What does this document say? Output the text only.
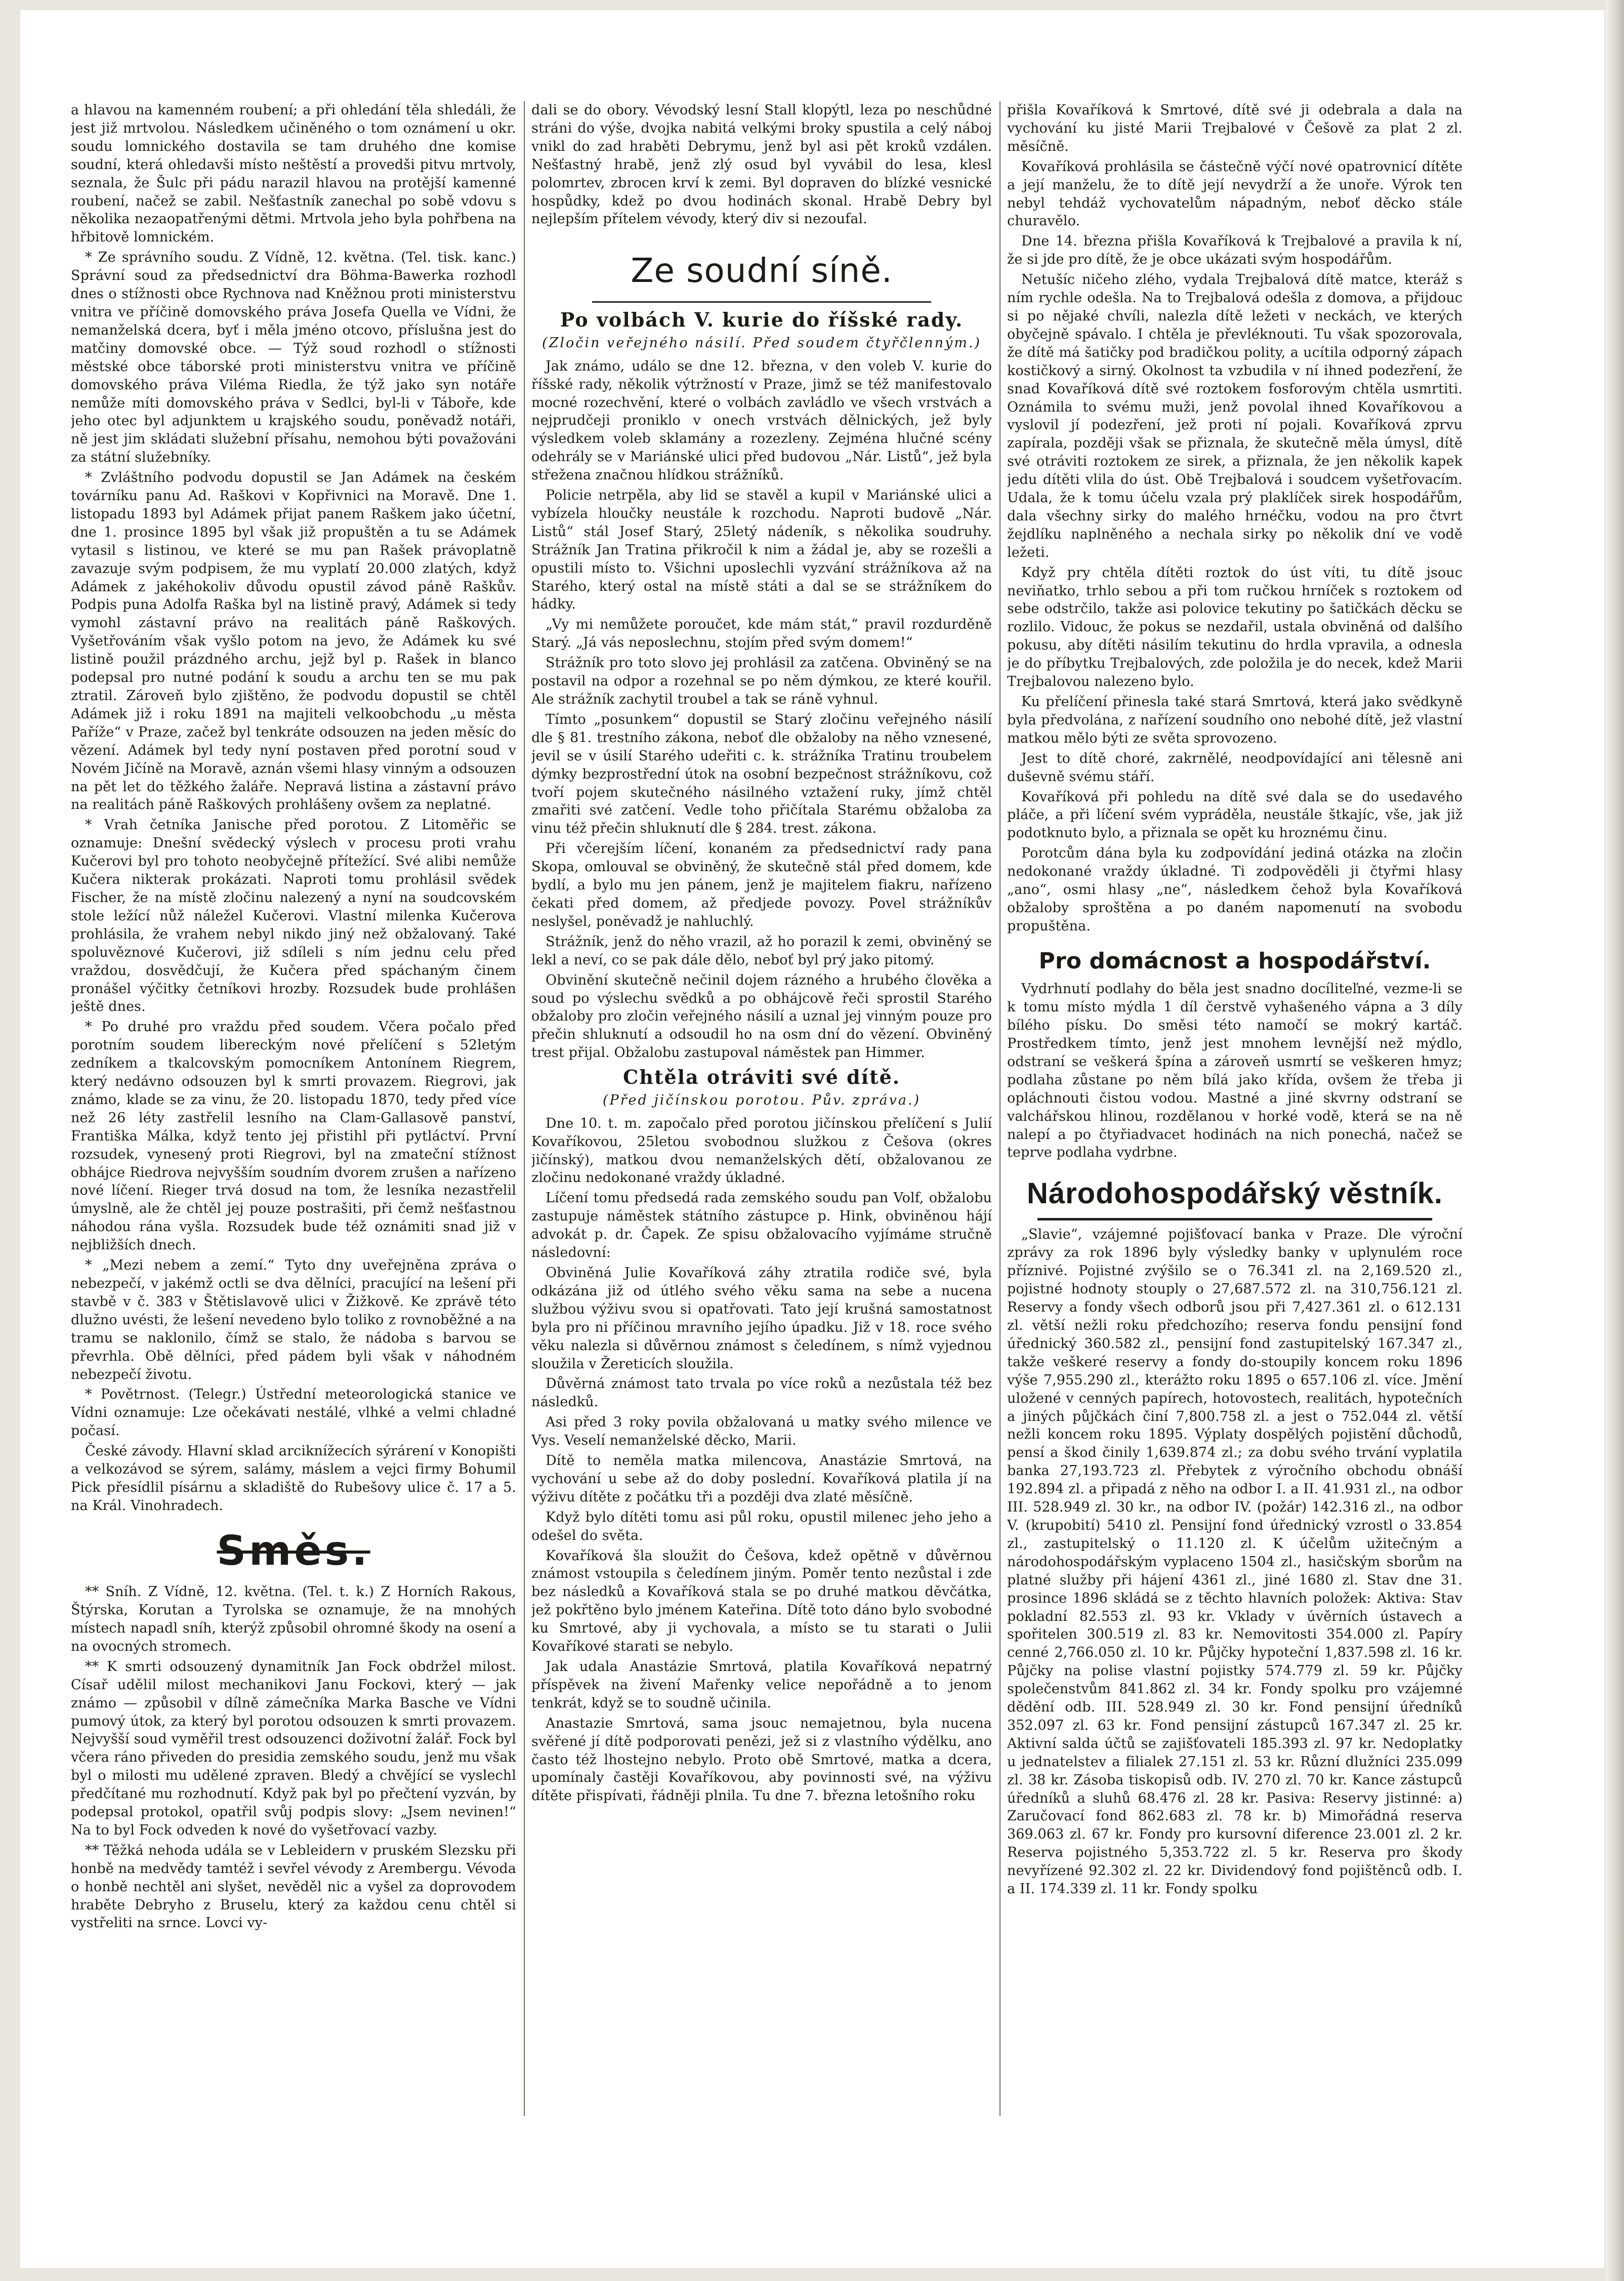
a hlavou na kamenném roubení; a při ohledání těla shledáli, že jest již mrtvolou. Následkem učiněného o tom oznámení u okr. soudu lomnického dostavila se tam druhého dne komise soudní, která ohledavši místo neštěstí a provedši pitvu mrtvoly, seznala, že Šulc při pádu narazil hlavou na protější kamenné roubení, načež se zabil. Nešťastník zanechal po sobě vdovu s několika nezaopatřenými dětmi. Mrtvola jeho byla pohřbena na hřbitově lomnickém.

* Ze správního soudu. Z Vídně, 12. května. (Tel. tisk. kanc.) Správní soud za předsednictví dra Böhma-Bawerka rozhodl dnes o stížnosti obce Rychnova nad Kněžnou proti ministerstvu vnitra ve příčině domovského práva Josefa Quella ve Vídni, že nemanželská dcera, byť i měla jméno otcovo, příslušna jest do matčiny domovské obce. — Týž soud rozhodl o stížnosti městské obce táborské proti ministerstvu vnitra ve příčině domovského práva Viléma Riedla, že týž jako syn notáře nemůže míti domovského práva v Sedlci, byl-li v Táboře, kde jeho otec byl adjunktem u krajského soudu, poněvadž notáři, ně jest jim skládati služební přísahu, nemohou býti považováni za státní služebníky.

* Zvláštního podvodu dopustil se Jan Adámek na českém továrníku panu Ad. Raškovi v Kopřivnici na Moravě. Dne 1. listopadu 1893 byl Adámek přijat panem Raškem jako účetní, dne 1. prosince 1895 byl však již propuštěn a tu se Adámek vytasil s listinou, ve které se mu pan Rašek právoplatně zavazuje svým podpisem, že mu vyplatí 20.000 zlatých, když Adámek z jakéhokoliv důvodu opustil závod páně Raškův. Podpis puna Adolfa Raška byl na listině pravý, Adámek si tedy vymohl zástavní právo na realitách páně Raškových. Vyšetřováním však vyšlo potom na jevo, že Adámek ku své listině použil prázdného archu, jejž byl p. Rašek in blanco podepsal pro nutné podání k soudu a archu ten se mu pak ztratil. Zároveň bylo zjištěno, že podvodu dopustil se chtěl Adámek již i roku 1891 na majiteli velkoobchodu „u města Paříže“ v Praze, začež byl tenkráte odsouzen na jeden měsíc do vězení. Adámek byl tedy nyní postaven před porotní soud v Novém Jičíně na Moravě, aznán všemi hlasy vinným a odsouzen na pět let do těžkého žaláře. Nepravá listina a zástavní právo na realitách páně Raškových prohlášeny ovšem za neplatné.

* Vrah četníka Janische před porotou. Z Litoměřic se oznamuje: Dnešní svědecký výslech v procesu proti vrahu Kučerovi byl pro tohoto neobyčejně přítežící. Své alibi nemůže Kučera nikterak prokázati. Naproti tomu prohlásil svědek Fischer, že na místě zločinu nalezený a nyní na soudcovském stole ležící nůž náležel Kučerovi. Vlastní milenka Kučerova prohlásila, že vrahem nebyl nikdo jiný než obžalovaný. Také spoluvěznové Kučerovi, již sdíleli s ním jednu celu před vraždou, dosvědčují, že Kučera před spáchaným činem pronášel výčitky četníkovi hrozby. Rozsudek bude prohlášen ještě dnes.

* Po druhé pro vraždu před soudem. Včera počalo před porotním soudem libereckým nové přelíčení s 52letým zedníkem a tkalcovským pomocníkem Antonínem Riegrem, který nedávno odsouzen byl k smrti provazem. Riegrovi, jak známo, klade se za vinu, že 20. listopadu 1870, tedy před více než 26 léty zastřelil lesního na Clam-Gallasově panství, Františka Málka, když tento jej přistihl při pytláctví. První rozsudek, vynesený proti Riegrovi, byl na zmateční stížnost obhájce Riedrova nejvyšším soudním dvorem zrušen a nařízeno nové líčení. Rieger trvá dosud na tom, že lesníka nezastřelil úmyslně, ale že chtěl jej pouze postrašiti, při čemž nešťastnou náhodou rána vyšla. Rozsudek bude též oznámiti snad již v nejbližších dnech.

* „Mezi nebem a zemí.“ Tyto dny uveřejněna zpráva o nebezpečí, v jakémž octli se dva dělníci, pracující na lešení při stavbě v č. 383 v Štětislavově ulici v Žižkově. Ke zprávě této dlužno uvésti, že lešení nevedeno bylo toliko z rovnoběžné a na tramu se naklonilo, čímž se stalo, že nádoba s barvou se převrhla. Obě dělníci, před pádem byli však v náhodném nebezpečí životu.

* Povětrnost. (Telegr.) Ústřední meteorologická stanice ve Vídni oznamuje: Lze očekávati nestálé, vlhké a velmi chladné počasí.

České závody. Hlavní sklad arciknížecích sýrárení v Konopišti a velkozávod se sýrem, salámy, máslem a vejci firmy Bohumil Pick přesídlil písárnu a skladiště do Rubešovy ulice č. 17 a 5. na Král. Vinohradech.

Směs.

** Sníh. Z Vídně, 12. května. (Tel. t. k.) Z Horních Rakous, Štýrska, Korutan a Tyrolska se oznamuje, že na mnohých místech napadl sníh, kterýž způsobil ohromné škody na osení a na ovocných stromech.

** K smrti odsouzený dynamitník Jan Fock obdržel milost. Císař udělil milost mechanikovi Janu Fockovi, který — jak známo — způsobil v dílně zámečníka Marka Basche ve Vídni pumový útok, za který byl porotou odsouzen k smrti provazem. Nejvyšší soud vyměřil trest odsouzenci doživotní žalář. Fock byl včera ráno přiveden do presidia zemského soudu, jenž mu však byl o milosti mu udělené zpraven. Bledý a chvějící se vyslechl předčítané mu rozhodnutí. Když pak byl po přečtení vyzván, by podepsal protokol, opatřil svůj podpis slovy: „Jsem nevinen!“ Na to byl Fock odveden k nové do vyšetřovací vazby.

** Těžká nehoda udála se v Lebleidern v pruském Slezsku při honbě na medvědy tamtéž i sevřel vévody z Arembergu. Vévoda o honbě nechtěl ani slyšet, nevěděl nic a vyšel za doprovodem hraběte Debryho z Bruselu, který za každou cenu chtěl si vystřeliti na srnce. Lovci vy-

dali se do obory. Vévodský lesní Stall klopýtl, leza po neschůdné stráni do výše, dvojka nabitá velkými broky spustila a celý náboj vnikl do zad hraběti Debrymu, jenž byl asi pět kroků vzdálen. Nešťastný hrabě, jenž zlý osud byl vyvábil do lesa, klesl polomrtev, zbrocen krví k zemi. Byl dopraven do blízké vesnické hospůdky, kdež po dvou hodinách skonal. Hrabě Debry byl nejlepším přítelem vévody, který div si nezoufal.

Ze soudní síně.
Po volbách V. kurie do říšské rady.
(Zločin veřejného násilí. Před soudem čtyřčlenným.)

Jak známo, událo se dne 12. března, v den voleb V. kurie do říšské rady, několik výtržností v Praze, jimž se též manifestovalo mocné rozechvění, které o volbách zavládlo ve všech vrstvách a nejprudčeji proniklo v onech vrstvách dělnických, jež byly výsledkem voleb sklamány a rozezleny. Zejména hlučné scény odehrály se v Mariánské ulici před budovou „Nár. Listů“, jež byla střežena značnou hlídkou strážníků.

Policie netrpěla, aby lid se stavěl a kupil v Mariánské ulici a vybízela hloučky neustále k rozchodu. Naproti budově „Nár. Listů“ stál Josef Starý, 25letý nádeník, s několika soudruhy. Strážník Jan Tratina přikročil k nim a žádal je, aby se rozešli a opustili místo to. Všichni uposlechli vyzvání strážníkova až na Starého, který ostal na místě státi a dal se se strážníkem do hádky.

„Vy mi nemůžete poroučet, kde mám stát,“ pravil rozdurděně Starý. „Já vás neposlechnu, stojím před svým domem!“

Strážník pro toto slovo jej prohlásil za zatčena. Obviněný se na postavil na odpor a rozehnal se po něm dýmkou, ze které kouřil. Ale strážník zachytil troubel a tak se ráně vyhnul.

Tímto „posunkem“ dopustil se Starý zločinu veřejného násilí dle § 81. trestního zákona, neboť dle obžaloby na něho vznesené, jevil se v úsilí Starého udeřiti c. k. strážníka Tratinu troubelem dýmky bezprostřední útok na osobní bezpečnost strážníkovu, což tvoří pojem skutečného násilného vztažení ruky, jímž chtěl zmařiti své zatčení. Vedle toho přičítala Starému obžaloba za vinu též přečin shluknutí dle § 284. trest. zákona.

Při včerejším líčení, konaném za předsednictví rady pana Skopa, omlouval se obviněný, že skutečně stál před domem, kde bydlí, a bylo mu jen pánem, jenž je majitelem fiakru, nařízeno čekati před domem, až předjede povozy. Povel strážníkův neslyšel, poněvadž je nahluchlý.

Strážník, jenž do něho vrazil, až ho porazil k zemi, obviněný se lekl a neví, co se pak dále dělo, neboť byl prý jako pitomý.

Obvinění skutečně nečinil dojem rázného a hrubého člověka a soud po výslechu svědků a po obhájcově řeči sprostil Starého obžaloby pro zločin veřejného násilí a uznal jej vinným pouze pro přečin shluknutí a odsoudil ho na osm dní do vězení. Obviněný trest přijal. Obžalobu zastupoval náměstek pan Himmer.

Chtěla otráviti své dítě.
(Před jičínskou porotou. Pův. zpráva.)

Dne 10. t. m. započalo před porotou jičínskou přelíčení s Julií Kovaříkovou, 25letou svobodnou služkou z Češova (okres jičínský), matkou dvou nemanželských dětí, obžalovanou ze zločinu nedokonané vraždy úkladné.

Líčení tomu předsedá rada zemského soudu pan Volf, obžalobu zastupuje náměstek státního zástupce p. Hink, obviněnou hájí advokát p. dr. Čapek. Ze spisu obžalovacího vyjímáme stručně následovní:

Obviněná Julie Kovaříková záhy ztratila rodiče své, byla odkázána již od útlého svého věku sama na sebe a nucena službou výživu svou si opatřovati. Tato její krušná samostatnost byla pro ni příčinou mravního jejího úpadku. Již v 18. roce svého věku nalezla si důvěrnou známost s čeledínem, s nímž vyjednou sloužila v Žereticích sloužila.

Důvěrná známost tato trvala po více roků a nezůstala též bez následků.

Asi před 3 roky povila obžalovaná u matky svého milence ve Vys. Veselí nemanželské děcko, Marii.

Dítě to neměla matka milencova, Anastázie Smrtová, na vychování u sebe až do doby poslední. Kovaříková platila jí na výživu dítěte z počátku tři a později dva zlaté měsíčně.

Když bylo dítěti tomu asi půl roku, opustil milenec jeho jeho a odešel do světa.

Kovaříková šla sloužit do Češova, kdež opětně v důvěrnou známost vstoupila s čeledínem jiným. Poměr tento nezůstal i zde bez následků a Kovaříková stala se po druhé matkou děvčátka, jež pokřtěno bylo jménem Kateřina. Dítě toto dáno bylo svobodné ku Smrtové, aby ji vychovala, a místo se tu starati o Julii Kovaříkové starati se nebylo.

Jak udala Anastázie Smrtová, platila Kovaříková nepatrný příspěvek na živení Mařenky velice nepořádně a to jenom tenkrát, když se to soudně učinila.

Anastazie Smrtová, sama jsouc nemajetnou, byla nucena svěřené jí dítě podporovati penězi, jež si z vlastního výdělku, ano často též lhostejno nebylo. Proto obě Smrtové, matka a dcera, upomínaly častěji Kovaříkovou, aby povinnosti své, na výživu dítěte přispívati, řádněji plnila. Tu dne 7. března letošního roku

přišla Kovaříková k Smrtové, dítě své ji odebrala a dala na vychování ku jisté Marii Trejbalové v Češově za plat 2 zl. měsíčně.

Kovaříková prohlásila se částečně výčí nové opatrovnicí dítěte a její manželu, že to dítě její nevydrží a že unoře. Výrok ten nebyl tehdáž vychovatelům nápadným, neboť děcko stále churavělo.

Dne 14. března přišla Kovaříková k Trejbalové a pravila k ní, že si jde pro dítě, že je obce ukázati svým hospodářům.

Netušíc ničeho zlého, vydala Trejbalová dítě matce, kteráž s ním rychle odešla. Na to Trejbalová odešla z domova, a přijdouc si po nějaké chvíli, nalezla dítě ležeti v neckách, ve kterých obyčejně spávalo. I chtěla je převléknouti. Tu však spozorovala, že dítě má šatičky pod bradičkou polity, a ucítila odporný zápach kostičkový a sirný. Okolnost ta vzbudila v ní ihned podezření, že snad Kovaříková dítě své roztokem fosforovým chtěla usmrtiti. Oznámila to svému muži, jenž povolal ihned Kovaříkovou a vyslovil jí podezření, jež proti ní pojali. Kovaříková zprvu zapírala, později však se přiznala, že skutečně měla úmysl, dítě své otráviti roztokem ze sirek, a přiznala, že jen několik kapek jedu dítěti vlila do úst. Obě Trejbalová i soudcem vyšetřovacím. Udala, že k tomu účelu vzala prý plaklíček sirek hospodářům, dala všechny sirky do malého hrnéčku, vodou na pro čtvrt žejdlíku naplněného a nechala sirky po několik dní ve vodě ležeti.

Když pry chtěla dítěti roztok do úst víti, tu dítě jsouc neviňatko, trhlo sebou a při tom ručkou hrníček s roztokem od sebe odstrčilo, takže asi polovice tekutiny po šatičkách děcku se rozlilo. Vidouc, že pokus se nezdařil, ustala obviněná od dalšího pokusu, aby dítěti násilím tekutinu do hrdla vpravila, a odnesla je do příbytku Trejbalových, zde položila je do necek, kdež Marii Trejbalovou nalezeno bylo.

Ku přelíčení přinesla také stará Smrtová, která jako svědkyně byla předvolána, z nařízení soudního ono nebohé dítě, jež vlastní matkou mělo býti ze světa sprovozeno.

Jest to dítě choré, zakrnělé, neodpovídající ani tělesně ani duševně svému stáří.

Kovaříková při pohledu na dítě své dala se do usedavého pláče, a při líčení svém vypráděla, neustále štkajíc, vše, jak již podotknuto bylo, a přiznala se opět ku hroznému činu.

Porotcům dána byla ku zodpovídání jediná otázka na zločin nedokonané vraždy úkladné. Ti zodpověděli ji čtyřmi hlasy „ano“, osmi hlasy „ne“, následkem čehož byla Kovaříková obžaloby sproštěna a po daném napomenutí na svobodu propuštěna.

Pro domácnost a hospodářství.

Vydrhnutí podlahy do běla jest snadno docíliteľné, vezme-li se k tomu místo mýdla 1 díl čerstvě vyhašeného vápna a 3 díly bílého písku. Do směsi této namočí se mokrý kartáč. Prostředkem tímto, jenž jest mnohem levnější než mýdlo, odstraní se veškerá špína a zároveň usmrtí se veškeren hmyz; podlaha zůstane po něm bílá jako křída, ovšem že třeba ji opláchnouti čistou vodou. Mastné a jiné skvrny odstraní se valchářskou hlinou, rozdělanou v horké vodě, která se na ně nalepí a po čtyřiadvacet hodinách na nich ponechá, načež se teprve podlaha vydrbne.

Národohospodářský věstník.

„Slavie“, vzájemné pojišťovací banka v Praze. Dle výroční zprávy za rok 1896 byly výsledky banky v uplynulém roce příznivé. Pojistné zvýšilo se o 76.341 zl. na 2,169.520 zl., pojistné hodnoty stouply o 27,687.572 zl. na 310,756.121 zl. Reservy a fondy všech odborů jsou při 7,427.361 zl. o 612.131 zl. větší nežli roku předchozího; reserva fondu pensijní fond úřednický 360.582 zl., pensijní fond zastupitelský 167.347 zl., takže veškeré reservy a fondy do-stoupily koncem roku 1896 výše 7,955.290 zl., kterážto roku 1895 o 657.106 zl. více. Jmění uložené v cenných papírech, hotovostech, realitách, hypotečních a jiných půjčkách činí 7,800.758 zl. a jest o 752.044 zl. větší nežli koncem roku 1895. Výplaty dospělých pojistění důchodů, pensí a škod činily 1,639.874 zl.; za dobu svého trvání vyplatila banka 27,193.723 zl. Přebytek z výročního obchodu obnáší 192.894 zl. a připadá z něho na odbor I. a II. 41.931 zl., na odbor III. 528.949 zl. 30 kr., na odbor IV. (požár) 142.316 zl., na odbor V. (krupobití) 5410 zl. Pensijní fond úřednický vzrostl o 33.854 zl., zastupitelský o 11.120 zl. K účelům užitečným a národohospodářským vyplaceno 1504 zl., hasičským sborům na platné služby při hájení 4361 zl., jiné 1680 zl. Stav dne 31. prosince 1896 skládá se z těchto hlavních položek: Aktiva: Stav pokladní 82.553 zl. 93 kr. Vklady v úvěrních ústavech a spořitelen 300.519 zl. 83 kr. Nemovitosti 354.000 zl. Papíry cenné 2,766.050 zl. 10 kr. Půjčky hypoteční 1,837.598 zl. 16 kr. Půjčky na polise vlastní pojistky 574.779 zl. 59 kr. Půjčky společenstvům 841.862 zl. 34 kr. Fondy spolku pro vzájemné dědění odb. III. 528.949 zl. 30 kr. Fond pensijní úředníků 352.097 zl. 63 kr. Fond pensijní zástupců 167.347 zl. 25 kr. Aktivní salda účtů se zajišťovateli 185.393 zl. 97 kr. Nedoplatky u jednatelstev a filialek 27.151 zl. 53 kr. Různí dlužníci 235.099 zl. 38 kr. Zásoba tiskopisů odb. IV. 270 zl. 70 kr. Kance zástupců úředníků a sluhů 68.476 zl. 28 kr. Pasiva: Reservy jistinné: a) Zaručovací fond 862.683 zl. 78 kr. b) Mimořádná reserva 369.063 zl. 67 kr. Fondy pro kursovní diference 23.001 zl. 2 kr. Reserva pojistného 5,353.722 zl. 5 kr. Reserva pro škody nevyřízené 92.302 zl. 22 kr. Dividendový fond pojištěnců odb. I. a II. 174.339 zl. 11 kr. Fondy spolku
